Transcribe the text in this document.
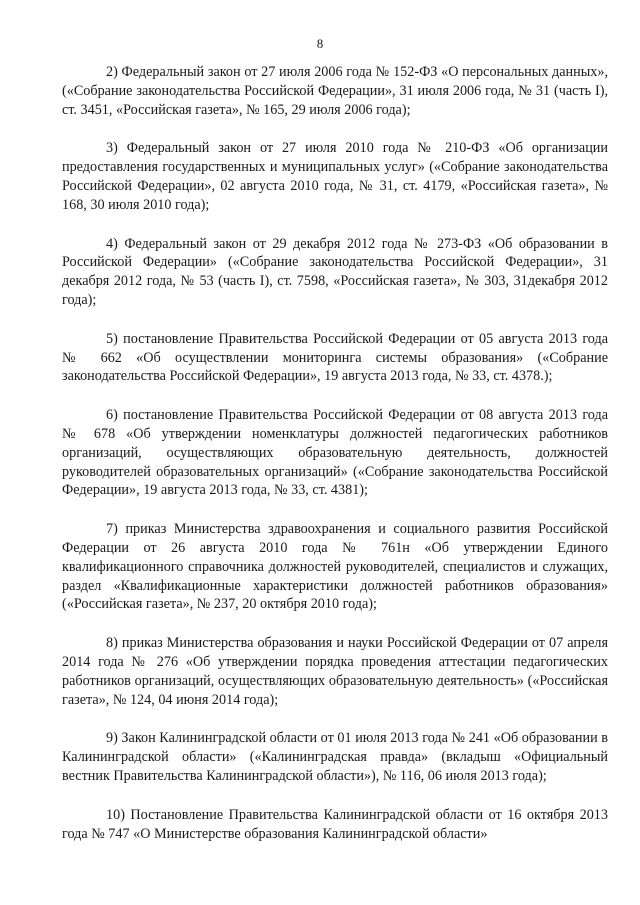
8

2) Федеральный закон от 27 июля 2006 года № 152-ФЗ «О персональных данных», («Собрание законодательства Российской Федерации», 31 июля 2006 года, № 31 (часть I), ст. 3451, «Российская газета», № 165, 29 июля 2006 года);

3) Федеральный закон от 27 июля 2010 года № 210-ФЗ «Об организации предоставления государственных и муниципальных услуг» («Собрание законодательства Российской Федерации», 02 августа 2010 года, № 31, ст. 4179, «Российская газета», № 168, 30 июля 2010 года);

4) Федеральный закон от 29 декабря 2012 года № 273-ФЗ «Об образовании в Российской Федерации» («Собрание законодательства Российской Федерации», 31 декабря 2012 года, № 53 (часть I), ст. 7598, «Российская газета», № 303, 31декабря 2012 года);

5) постановление Правительства Российской Федерации от 05 августа 2013 года № 662 «Об осуществлении мониторинга системы образования» («Собрание законодательства Российской Федерации», 19 августа 2013 года, № 33, ст. 4378.);

6) постановление Правительства Российской Федерации от 08 августа 2013 года № 678 «Об утверждении номенклатуры должностей педагогических работников организаций, осуществляющих образовательную деятельность, должностей руководителей образовательных организаций» («Собрание законодательства Российской Федерации», 19 августа 2013 года, № 33, ст. 4381);

7) приказ Министерства здравоохранения и социального развития Российской Федерации от 26 августа 2010 года № 761н «Об утверждении Единого квалификационного справочника должностей руководителей, специалистов и служащих, раздел «Квалификационные характеристики должностей работников образования» («Российская газета», № 237, 20 октября 2010 года);

8) приказ Министерства образования и науки Российской Федерации от 07 апреля 2014 года № 276 «Об утверждении порядка проведения аттестации педагогических работников организаций, осуществляющих образовательную деятельность» («Российская газета», № 124, 04 июня 2014 года);

9) Закон Калининградской области от 01 июля 2013 года № 241 «Об образовании в Калининградской области» («Калининградская правда» (вкладыш «Официальный вестник Правительства Калининградской области»), № 116, 06 июля 2013 года);

10) Постановление Правительства Калининградской области от 16 октября 2013 года № 747 «О Министерстве образования Калининградской области»
